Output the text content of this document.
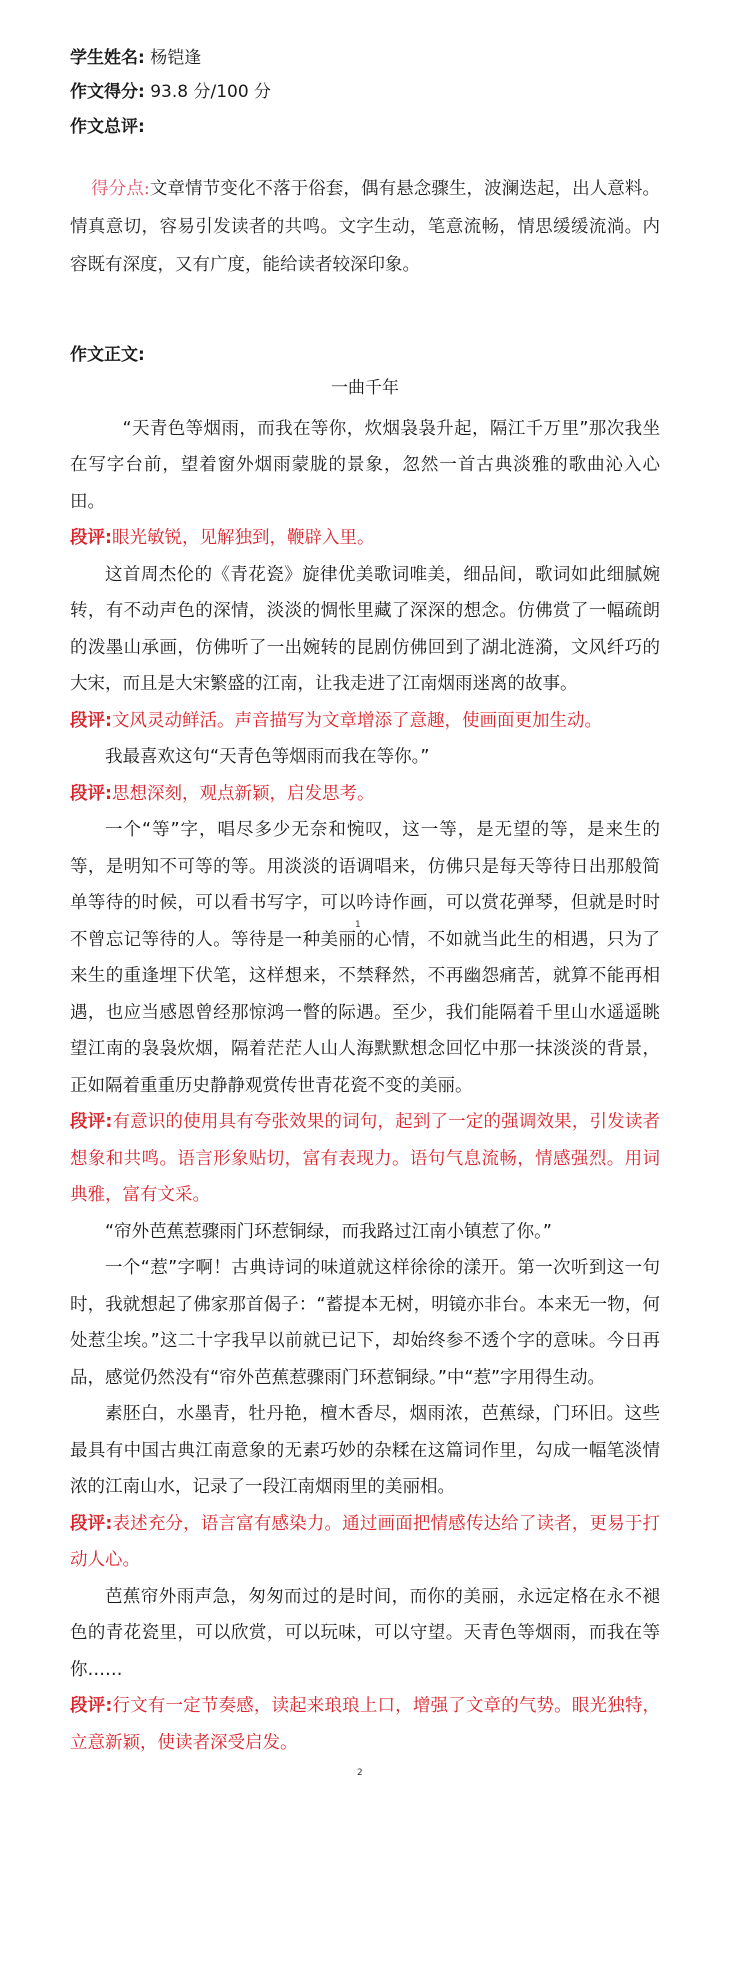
学生姓名: 杨铠逢
作文得分: 93.8 分/100 分
作文总评:
得分点:文章情节变化不落于俗套，偶有悬念骤生，波澜迭起，出人意料。情真意切，容易引发读者的共鸣。文字生动，笔意流畅，情思缓缓流淌。内容既有深度，又有广度，能给读者较深印象。
作文正文:
一曲千年

“天青色等烟雨，而我在等你，炊烟袅袅升起，隔江千万里”那次我坐在写字台前，望着窗外烟雨蒙胧的景象，忽然一首古典淡雅的歌曲沁入心田。

段评:眼光敏锐，见解独到，鞭辟入里。

这首周杰伦的《青花瓷》旋律优美歌词唯美，细品间，歌词如此细腻婉转，有不动声色的深情，淡淡的惆怅里藏了深深的想念。仿佛赏了一幅疏朗的泼墨山承画，仿佛听了一出婉转的昆剧仿佛回到了湖北涟漪，文风纤巧的大宋，而且是大宋繁盛的江南，让我走进了江南烟雨迷离的故事。

段评:文风灵动鲜活。声音描写为文章增添了意趣，使画面更加生动。

我最喜欢这句“天青色等烟雨而我在等你。”

段评:思想深刻，观点新颖，启发思考。

一个“等”字，唱尽多少无奈和惋叹，这一等，是无望的等，是来生的等，是明知不可等的等。用淡淡的语调唱来，仿佛只是每天等待日出那般简单等待的时候，可以看书写字，可以吟诗作画，可以赏花弹琴，但就是时时不曾忘记等待的人。等待是一种美丽的心情，不如就当此生的相遇，只为了来生的重逢埋下伏笔，这样想来，不禁释然，不再幽怨痛苦，就算不能再相遇，也应当感恩曾经那惊鸿一瞥的际遇。至少，我们能隔着千里山水遥遥眺望江南的袅袅炊烟，隔着茫茫人山人海默默想念回忆中那一抹淡淡的背景，正如隔着重重历史静静观赏传世青花瓷不变的美丽。

段评:有意识的使用具有夸张效果的词句，起到了一定的强调效果，引发读者想象和共鸣。语言形象贴切，富有表现力。语句气息流畅，情感强烈。用词典雅，富有文采。

“帘外芭蕉惹骤雨门环惹铜绿，而我路过江南小镇惹了你。”

一个“惹”字啊！古典诗词的味道就这样徐徐的漾开。第一次听到这一句时，我就想起了佛家那首偈子：“蓄提本无树，明镜亦非台。本来无一物，何处惹尘埃。”这二十字我早以前就已记下，却始终参不透个字的意味。今日再品，感觉仍然没有“帘外芭蕉惹骤雨门环惹铜绿。”中“惹”字用得生动。

素胚白，水墨青，牡丹艳，檀木香尽，烟雨浓，芭蕉绿，门环旧。这些最具有中国古典江南意象的无素巧妙的杂糅在这篇词作里，勾成一幅笔淡情浓的江南山水，记录了一段江南烟雨里的美丽相。

段评:表述充分，语言富有感染力。通过画面把情感传达给了读者，更易于打动人心。

芭蕉帘外雨声急，匆匆而过的是时间，而你的美丽，永远定格在永不褪色的青花瓷里，可以欣赏，可以玩味，可以守望。天青色等烟雨，而我在等你……

段评:行文有一定节奏感，读起来琅琅上口，增强了文章的气势。眼光独特，立意新颖，使读者深受启发。

1
2
